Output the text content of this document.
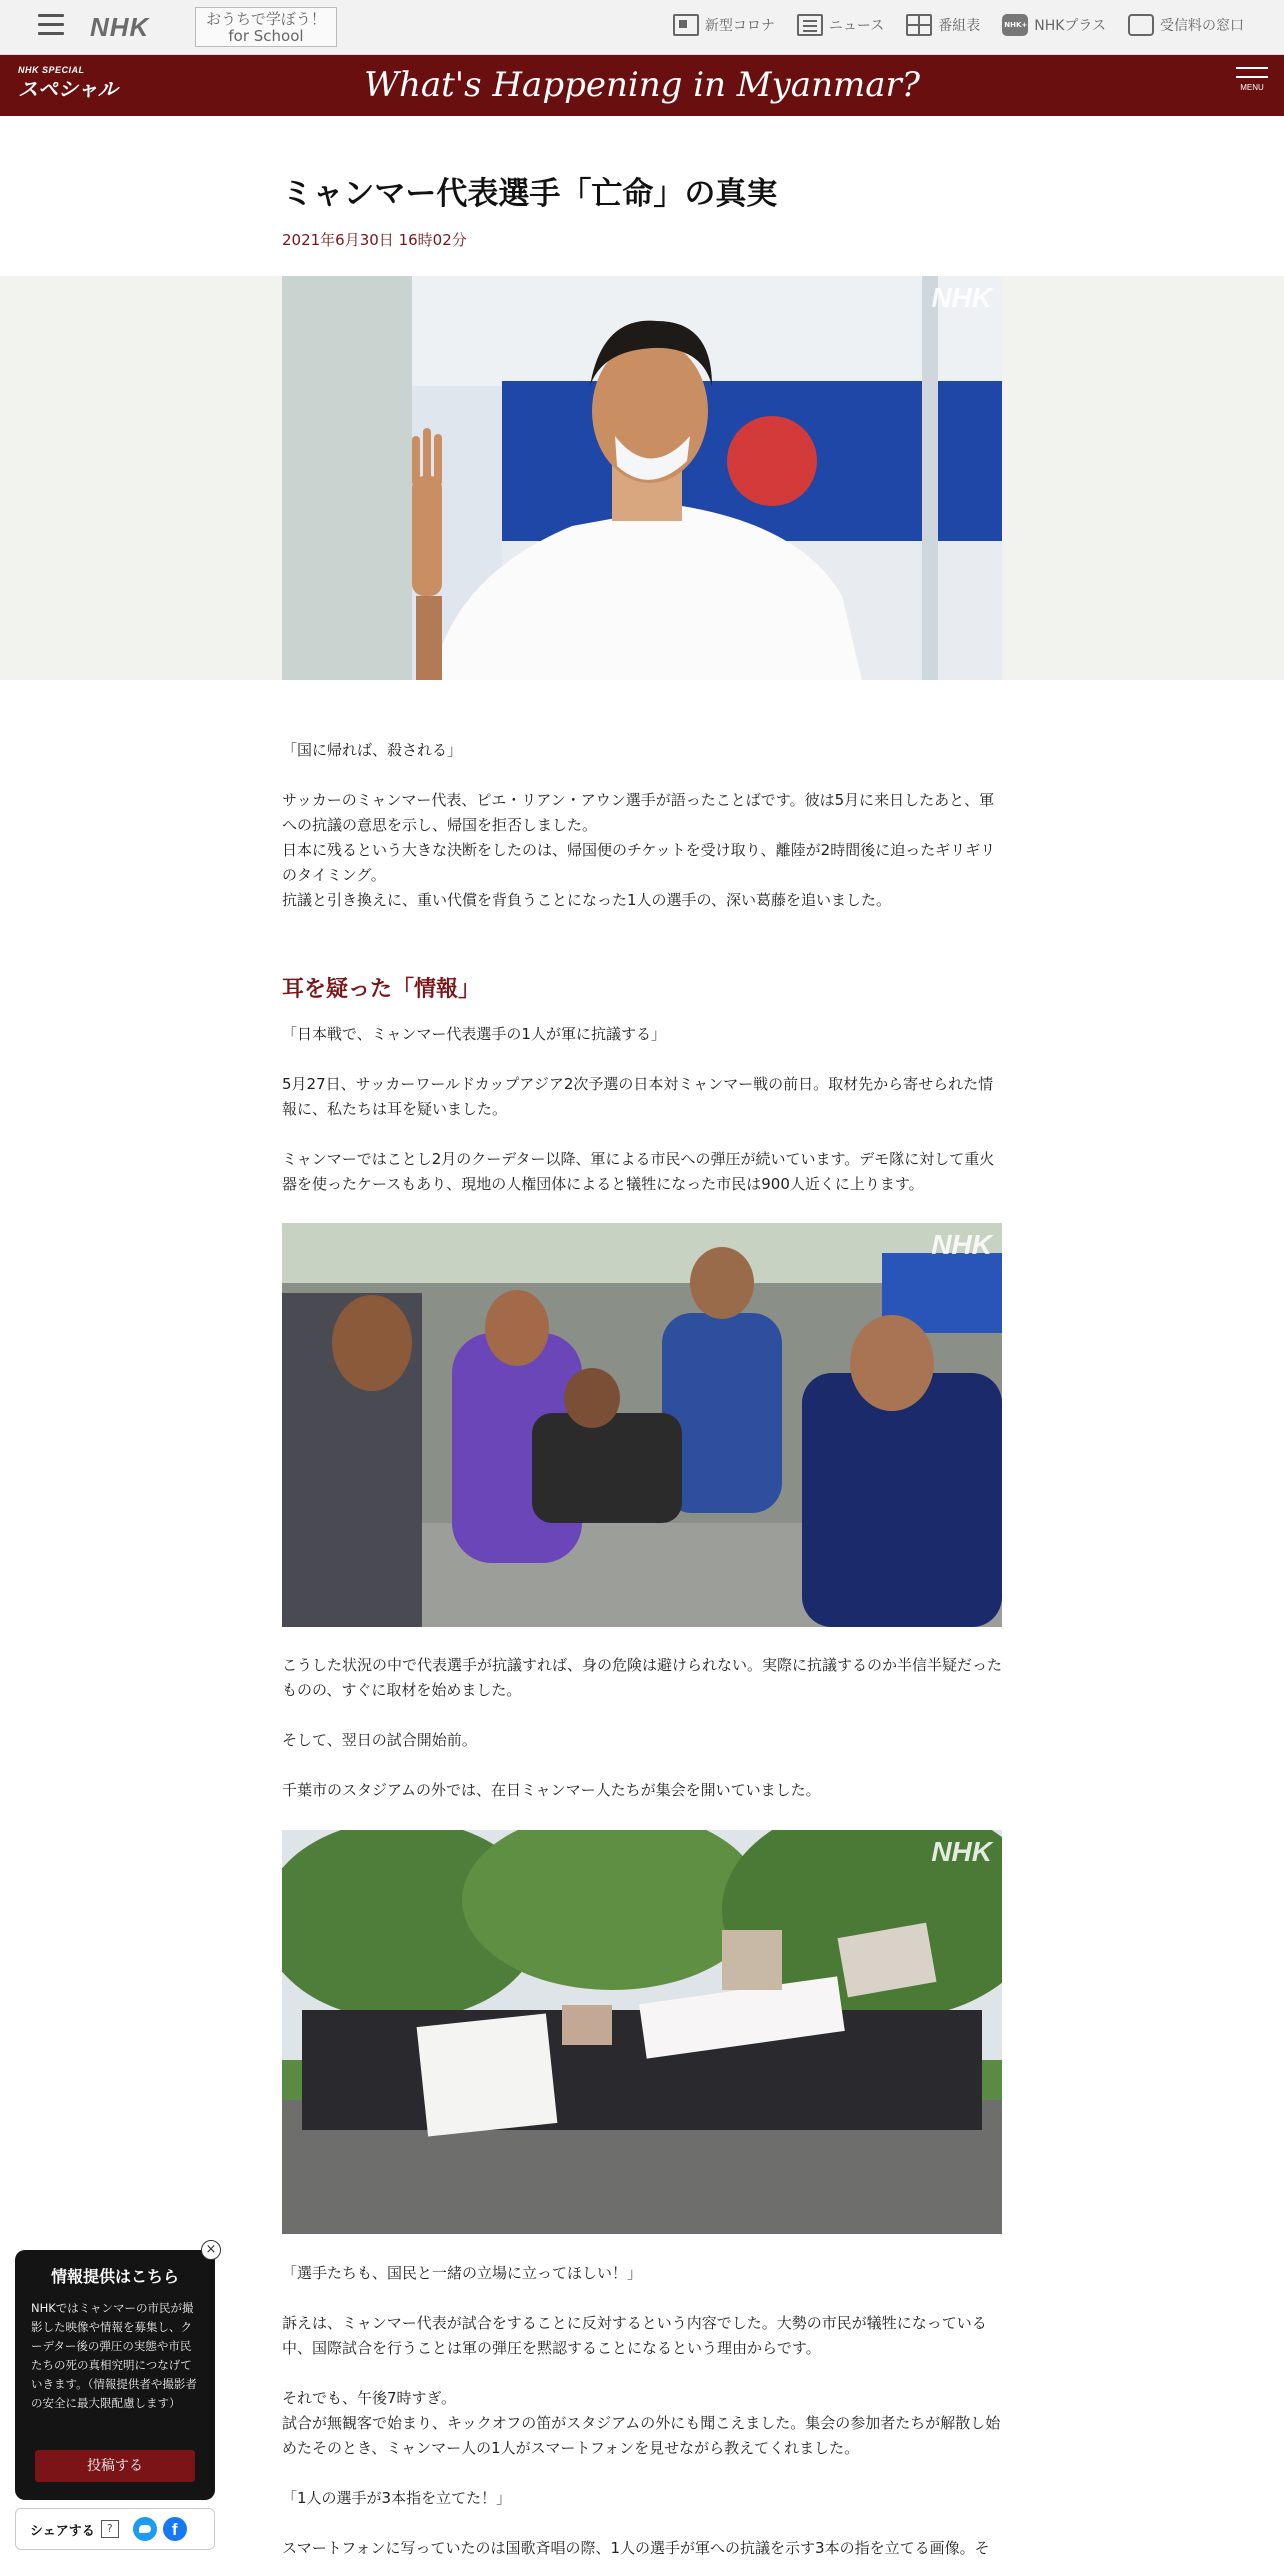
NHK	おうちで学ぼう！
for School
新型コロナ	ニュース	番組表	NHK+ NHKプラス	受信料の窓口
NHK SPECIAL
スペシャル	What's Happening in Myanmar?	MENU
ミャンマー代表選手「亡命」の真実
2021年6月30日 16時02分
NHK

「国に帰れば、殺される」

サッカーのミャンマー代表、ピエ・リアン・アウン選手が語ったことばです。彼は5月に来日したあと、軍

への抗議の意思を示し、帰国を拒否しました。

日本に残るという大きな決断をしたのは、帰国便のチケットを受け取り、離陸が2時間後に迫ったギリギリ

のタイミング。

抗議と引き換えに、重い代償を背負うことになった1人の選手の、深い葛藤を追いました。

耳を疑った「情報」

「日本戦で、ミャンマー代表選手の1人が軍に抗議する」

5月27日、サッカーワールドカップアジア2次予選の日本対ミャンマー戦の前日。取材先から寄せられた情

報に、私たちは耳を疑いました。

ミャンマーではことし2月のクーデター以降、軍による市民への弾圧が続いています。デモ隊に対して重火

器を使ったケースもあり、現地の人権団体によると犠牲になった市民は900人近くに上ります。

NHK

こうした状況の中で代表選手が抗議すれば、身の危険は避けられない。実際に抗議するのか半信半疑だった

ものの、すぐに取材を始めました。

そして、翌日の試合開始前。

千葉市のスタジアムの外では、在日ミャンマー人たちが集会を開いていました。

NHK

「選手たちも、国民と一緒の立場に立ってほしい！」

訴えは、ミャンマー代表が試合をすることに反対するという内容でした。大勢の市民が犠牲になっている

中、国際試合を行うことは軍の弾圧を黙認することになるという理由からです。

それでも、午後7時すぎ。

試合が無観客で始まり、キックオフの笛がスタジアムの外にも聞こえました。集会の参加者たちが解散し始

めたそのとき、ミャンマー人の1人がスマートフォンを見せながら教えてくれました。

「1人の選手が3本指を立てた！」

スマートフォンに写っていたのは国歌斉唱の際、1人の選手が軍への抗議を示す3本の指を立てる画像。そ

情報提供はこちら
NHKではミャンマーの市民が撮影した映像や情報を募集し、クーデター後の弾圧の実態や市民たちの死の真相究明につなげていきます。（情報提供者や撮影者の安全に最大限配慮します）
投稿する
×
シェアする	?	f
